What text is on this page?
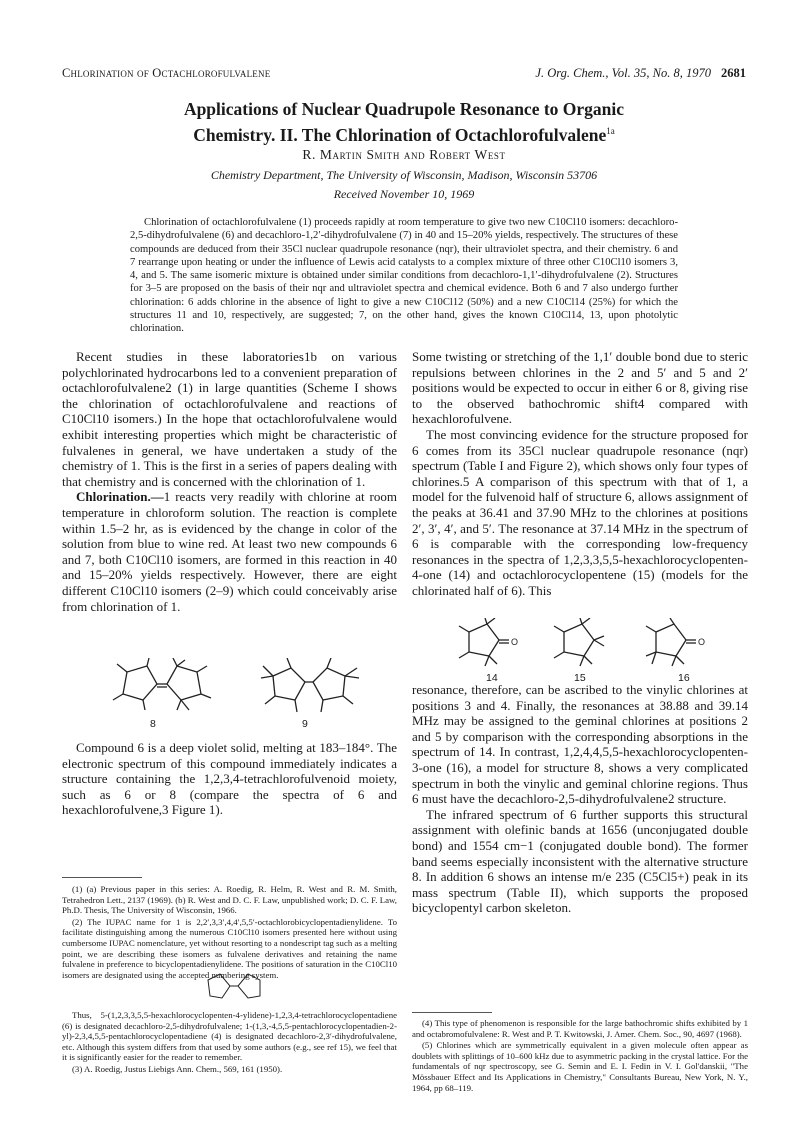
Chlorination of Octachlorofulvalene	J. Org. Chem., Vol. 35, No. 8, 1970 2681
Applications of Nuclear Quadrupole Resonance to Organic
Chemistry. II. The Chlorination of Octachlorofulvalene$^{1a}$
R. Martin Smith and Robert West
Chemistry Department, The University of Wisconsin, Madison, Wisconsin 53706
Received November 10, 1969
Chlorination of octachlorofulvalene (1) proceeds rapidly at room temperature to give two new C10Cl10 isomers: decachloro-2,5-dihydrofulvalene (6) and decachloro-1,2′-dihydrofulvalene (7) in 40 and 15–20% yields, respectively. The structures of these compounds are deduced from their 35Cl nuclear quadrupole resonance (nqr), their ultraviolet spectra, and their chemistry. 6 and 7 rearrange upon heating or under the influence of Lewis acid catalysts to a complex mixture of three other C10Cl10 isomers 3, 4, and 5. The same isomeric mixture is obtained under similar conditions from decachloro-1,1′-dihydrofulvalene (2). Structures for 3–5 are proposed on the basis of their nqr and ultraviolet spectra and chemical evidence. Both 6 and 7 also undergo further chlorination: 6 adds chlorine in the absence of light to give a new C10Cl12 (50%) and a new C10Cl14 (25%) for which the structures 11 and 10, respectively, are suggested; 7, on the other hand, gives the known C10Cl14, 13, upon photolytic chlorination.

Recent studies in these laboratories1b on various polychlorinated hydrocarbons led to a convenient preparation of octachlorofulvalene2 (1) in large quantities (Scheme I shows the chlorination of octachlorofulvalene and reactions of C10Cl10 isomers.) In the hope that octachlorofulvalene would exhibit interesting properties which might be characteristic of fulvalenes in general, we have undertaken a study of the chemistry of 1. This is the first in a series of papers dealing with that chemistry and is concerned with the chlorination of 1.

Chlorination.—1 reacts very readily with chlorine at room temperature in chloroform solution. The reaction is complete within 1.5–2 hr, as is evidenced by the change in color of the solution from blue to wine red. At least two new compounds 6 and 7, both C10Cl10 isomers, are formed in this reaction in 40 and 15–20% yields respectively. However, there are eight different C10Cl10 isomers (2–9) which could conceivably arise from chlorination of 1.

8	9

Compound 6 is a deep violet solid, melting at 183–184°. The electronic spectrum of this compound immediately indicates a structure containing the 1,2,3,4-tetrachlorofulvenoid moiety, such as 6 or 8 (compare the spectra of 6 and hexachlorofulvene,3 Figure 1).

(1) (a) Previous paper in this series: A. Roedig, R. Helm, R. West and R. M. Smith, Tetrahedron Lett., 2137 (1969). (b) R. West and D. C. F. Law, unpublished work; D. C. F. Law, Ph.D. Thesis, The University of Wisconsin, 1966.

(2) The IUPAC name for 1 is 2,2′,3,3′,4,4′,5,5′-octachlorobicyclopentadienylidene. To facilitate distinguishing among the numerous C10Cl10 isomers presented here without using cumbersome IUPAC nomenclature, yet without resorting to a nondescript tag such as a melting point, we are describing these isomers as fulvalene derivatives and retaining the name fulvalene in preference to bicyclopentadienylidene. The positions of saturation in the C10Cl10 isomers are designated using the accepted numbering system.

Thus, 5-(1,2,3,3,5,5-hexachlorocyclopenten-4-ylidene)-1,2,3,4-tetrachlorocyclopentadiene (6) is designated decachloro-2,5-dihydrofulvalene; 1-(1,3,-4,5,5-pentachlorocyclopentadien-2-yl)-2,3,4,5,5-pentachlorocyclopentadiene (4) is designated decachloro-2,3′-dihydrofulvalene, etc. Although this system differs from that used by some authors (e.g., see ref 15), we feel that it is significantly easier for the reader to remember.

(3) A. Roedig, Justus Liebigs Ann. Chem., 569, 161 (1950).

Some twisting or stretching of the 1,1′ double bond due to steric repulsions between chlorines in the 2 and 5′ and 5 and 2′ positions would be expected to occur in either 6 or 8, giving rise to the observed bathochromic shift4 compared with hexachlorofulvene.

The most convincing evidence for the structure proposed for 6 comes from its 35Cl nuclear quadrupole resonance (nqr) spectrum (Table I and Figure 2), which shows only four types of chlorines.5 A comparison of this spectrum with that of 1, a model for the fulvenoid half of structure 6, allows assignment of the peaks at 36.41 and 37.90 MHz to the chlorines at positions 2′, 3′, 4′, and 5′. The resonance at 37.14 MHz in the spectrum of 6 is comparable with the corresponding low-frequency resonances in the spectra of 1,2,3,3,5,5-hexachlorocyclopenten-4-one (14) and octachlorocyclopentene (15) (models for the chlorinated half of 6). This

O
14	15
O
16

resonance, therefore, can be ascribed to the vinylic chlorines at positions 3 and 4. Finally, the resonances at 38.88 and 39.14 MHz may be assigned to the geminal chlorines at positions 2 and 5 by comparison with the corresponding absorptions in the spectrum of 14. In contrast, 1,2,4,4,5,5-hexachlorocyclopenten-3-one (16), a model for structure 8, shows a very complicated spectrum in both the vinylic and geminal chlorine regions. Thus 6 must have the decachloro-2,5-dihydrofulvalene2 structure.

The infrared spectrum of 6 further supports this structural assignment with olefinic bands at 1656 (unconjugated double bond) and 1554 cm−1 (conjugated double bond). The former band seems especially inconsistent with the alternative structure 8. In addition 6 shows an intense m/e 235 (C5Cl5+) peak in its mass spectrum (Table II), which supports the proposed bicyclopentyl carbon skeleton.

(4) This type of phenomenon is responsible for the large bathochromic shifts exhibited by 1 and octabromofulvalene: R. West and P. T. Kwitowski, J. Amer. Chem. Soc., 90, 4697 (1968).

(5) Chlorines which are symmetrically equivalent in a given molecule often appear as doublets with splittings of 10–600 kHz due to asymmetric packing in the crystal lattice. For the fundamentals of nqr spectroscopy, see G. Semin and E. I. Fedin in V. I. Gol'danskii, "The Mössbauer Effect and Its Applications in Chemistry," Consultants Bureau, New York, N. Y., 1964, pp 68–119.
